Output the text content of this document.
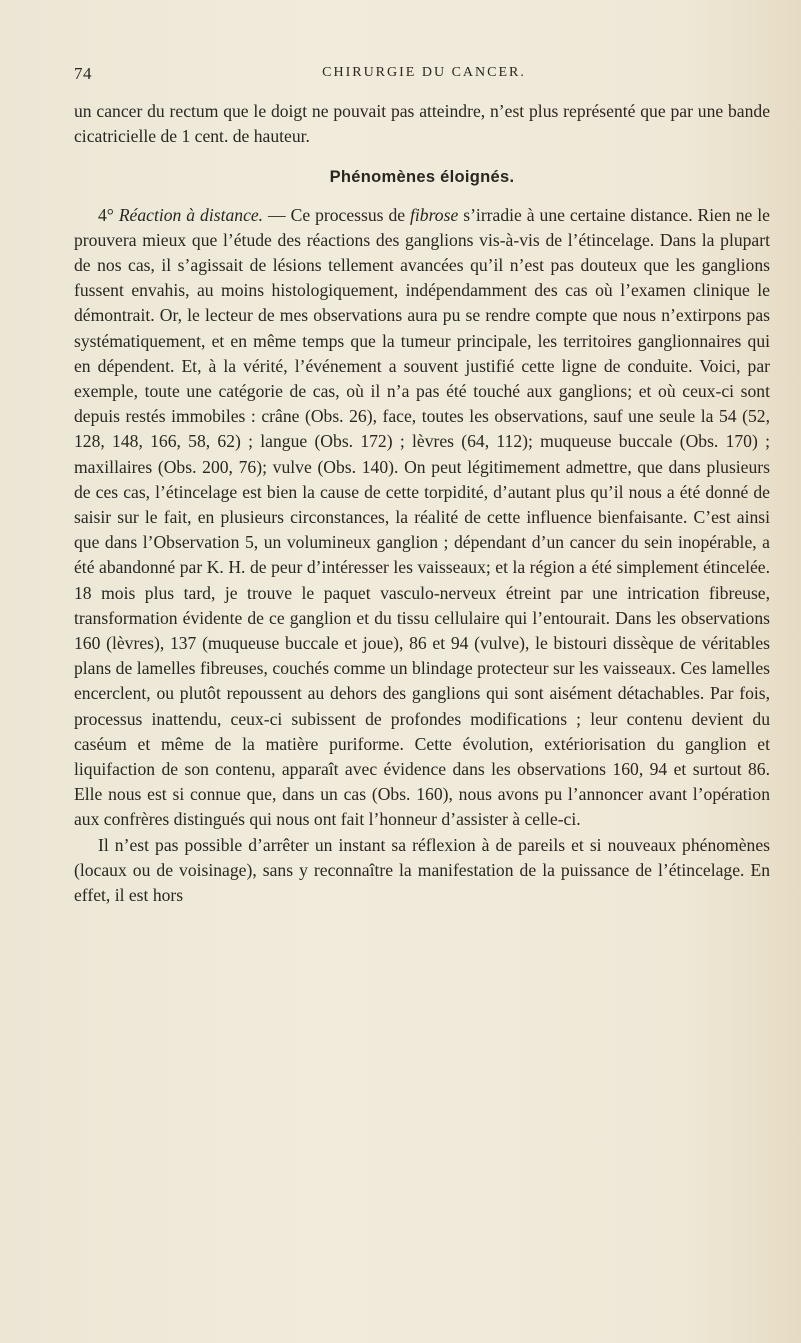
74	CHIRURGIE DU CANCER.

un cancer du rectum que le doigt ne pouvait pas atteindre, n’est plus représenté que par une bande cicatricielle de 1 cent. de hauteur.

Phénomènes éloignés.

4° Réaction à distance. — Ce processus de fibrose s’irradie à une certaine distance. Rien ne le prouvera mieux que l’étude des réactions des ganglions vis-à-vis de l’étincelage. Dans la plupart de nos cas, il s’agissait de lésions tellement avancées qu’il n’est pas douteux que les ganglions fussent envahis, au moins histologiquement, indépendamment des cas où l’examen clinique le démontrait. Or, le lecteur de mes observations aura pu se rendre compte que nous n’extirpons pas systématiquement, et en même temps que la tumeur principale, les territoires ganglionnaires qui en dépendent. Et, à la vérité, l’événement a souvent justifié cette ligne de conduite. Voici, par exemple, toute une catégorie de cas, où il n’a pas été touché aux ganglions; et où ceux-ci sont depuis restés immobiles : crâne (Obs. 26), face, toutes les observations, sauf une seule la 54 (52, 128, 148, 166, 58, 62) ; langue (Obs. 172) ; lèvres (64, 112); muqueuse buccale (Obs. 170) ; maxillaires (Obs. 200, 76); vulve (Obs. 140). On peut légitimement admettre, que dans plusieurs de ces cas, l’étincelage est bien la cause de cette torpidité, d’autant plus qu’il nous a été donné de saisir sur le fait, en plusieurs circonstances, la réalité de cette influence bienfaisante. C’est ainsi que dans l’Observation 5, un volumineux ganglion ; dépendant d’un cancer du sein inopérable, a été abandonné par K. H. de peur d’intéresser les vaisseaux; et la région a été simplement étincelée. 18 mois plus tard, je trouve le paquet vasculo-nerveux étreint par une intrication fibreuse, transformation évidente de ce ganglion et du tissu cellulaire qui l’entourait. Dans les observations 160 (lèvres), 137 (muqueuse buccale et joue), 86 et 94 (vulve), le bistouri dissèque de véritables plans de lamelles fibreuses, couchés comme un blindage protecteur sur les vaisseaux. Ces lamelles encerclent, ou plutôt repoussent au dehors des ganglions qui sont aisément détachables. Par fois, processus inattendu, ceux-ci subissent de profondes modifications ; leur contenu devient du caséum et même de la matière puriforme. Cette évolution, extériorisation du ganglion et liquifaction de son contenu, apparaît avec évidence dans les observations 160, 94 et surtout 86. Elle nous est si connue que, dans un cas (Obs. 160), nous avons pu l’annoncer avant l’opération aux confrères distingués qui nous ont fait l’honneur d’assister à celle-ci.

Il n’est pas possible d’arrêter un instant sa réflexion à de pareils et si nouveaux phénomènes (locaux ou de voisinage), sans y reconnaître la manifestation de la puissance de l’étincelage. En effet, il est hors
